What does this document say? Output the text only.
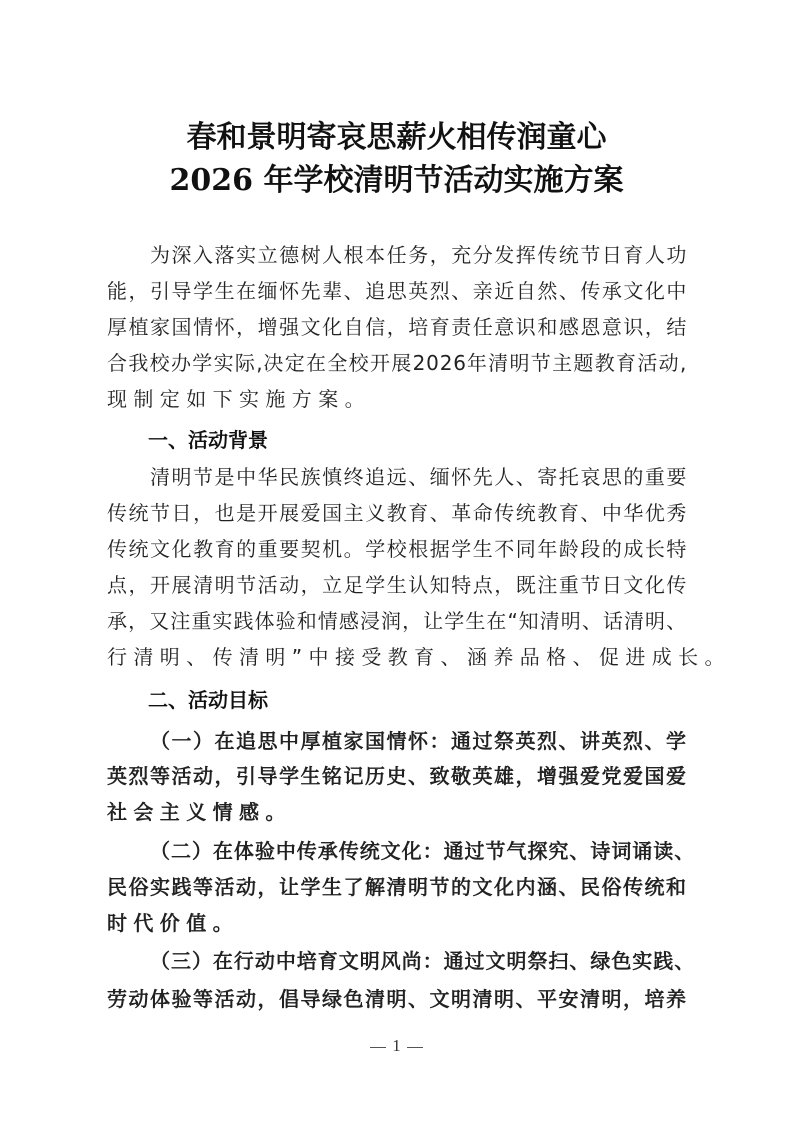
春和景明寄哀思薪火相传润童心
2026 年学校清明节活动实施方案
为 深 入 落 实 立 德 树 人 根 本 任 务 ， 充 分 发 挥 传 统 节 日 育 人 功
能 ， 引 导 学 生 在 缅 怀 先 辈 、 追 思 英 烈 、 亲 近 自 然 、 传 承 文 化 中
厚 植 家 国 情 怀 ， 增 强 文 化 自 信 ， 培 育 责 任 意 识 和 感 恩 意 识 ， 结
合 我 校 办 学 实 际 , 决 定 在 全 校 开 展 2 0 2 6 年 清 明 节 主 题 教 育 活 动 ,
现制定如下实施方案。
一、活动背景
清 明 节 是 中 华 民 族 慎 终 追 远 、 缅 怀 先 人 、 寄 托 哀 思 的 重 要
传 统 节 日 ， 也 是 开 展 爱 国 主 义 教 育 、 革 命 传 统 教 育 、 中 华 优 秀
传 统 文 化 教 育 的 重 要 契 机 。 学 校 根 据 学 生 不 同 年 龄 段 的 成 长 特
点 ， 开 展 清 明 节 活 动 ， 立 足 学 生 认 知 特 点 ， 既 注 重 节 日 文 化 传
承 ， 又 注 重 实 践 体 验 和 情 感 浸 润 ， 让 学 生 在 “ 知 清 明 、 话 清 明 、
行清明、传清明”中接受教育、涵养品格、促进成长。
二、活动目标
（ 一 ） 在 追 思 中 厚 植 家 国 情 怀 ： 通 过 祭 英 烈 、 讲 英 烈 、 学
英 烈 等 活 动 ， 引 导 学 生 铭 记 历 史 、 致 敬 英 雄 ， 增 强 爱 党 爱 国 爱
社会主义情感。
（ 二 ） 在 体 验 中 传 承 传 统 文 化 ： 通 过 节 气 探 究 、 诗 词 诵 读 、
民 俗 实 践 等 活 动 ， 让 学 生 了 解 清 明 节 的 文 化 内 涵 、 民 俗 传 统 和
时代价值。
（ 三 ） 在 行 动 中 培 育 文 明 风 尚 ： 通 过 文 明 祭 扫 、 绿 色 实 践 、
劳 动 体 验 等 活 动 ， 倡 导 绿 色 清 明 、 文 明 清 明 、 平 安 清 明 ， 培 养
1
